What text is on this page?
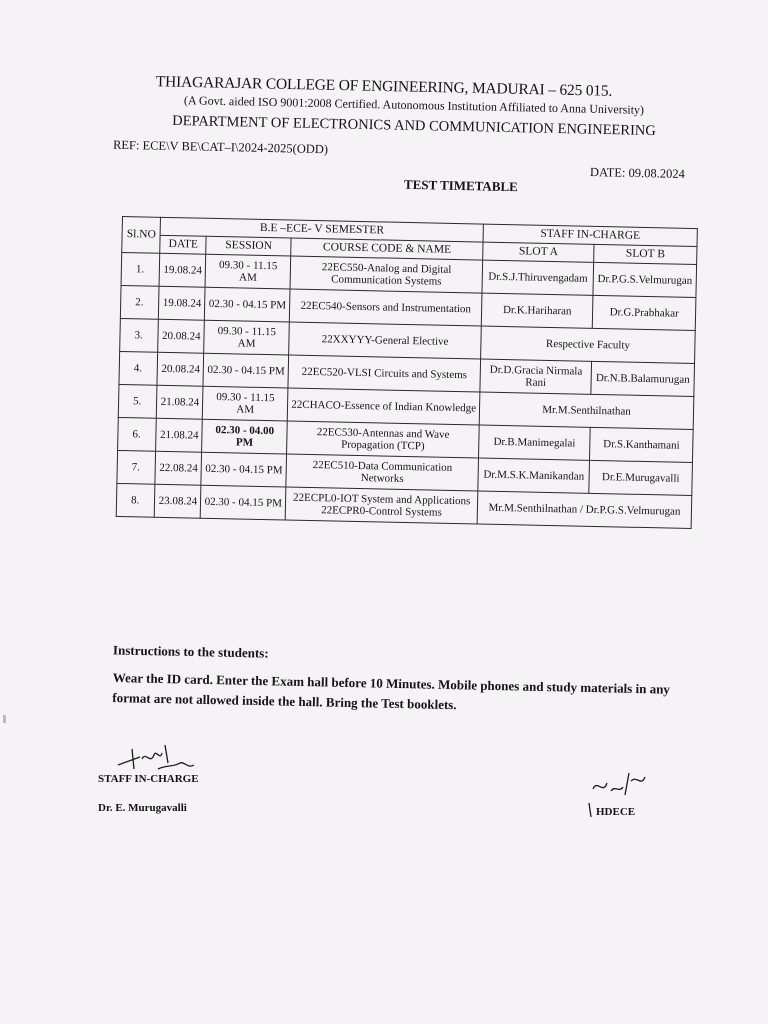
THIAGARAJAR COLLEGE OF ENGINEERING, MADURAI – 625 015.
(A Govt. aided ISO 9001:2008 Certified. Autonomous Institution Affiliated to Anna University)
DEPARTMENT OF ELECTRONICS AND COMMUNICATION ENGINEERING
REF: ECE\V BE\CAT–I\2024-2025(ODD)
DATE: 09.08.2024
TEST TIMETABLE
Sl.NO	B.E –ECE- V SEMESTER			STAFF IN-CHARGE	
	DATE	SESSION	COURSE CODE & NAME	SLOT A	SLOT B
1.	19.08.24	09.30 - 11.15 AM	22EC550-Analog and Digital Communication Systems	Dr.S.J.Thiruvengadam	Dr.P.G.S.Velmurugan
2.	19.08.24	02.30 - 04.15 PM	22EC540-Sensors and Instrumentation	Dr.K.Hariharan	Dr.G.Prabhakar
3.	20.08.24	09.30 - 11.15 AM	22XXYYY-General Elective	Respective Faculty	
4.	20.08.24	02.30 - 04.15 PM	22EC520-VLSI Circuits and Systems	Dr.D.Gracia Nirmala Rani	Dr.N.B.Balamurugan
5.	21.08.24	09.30 - 11.15 AM	22CHACO-Essence of Indian Knowledge	Mr.M.Senthilnathan	
6.	21.08.24	02.30 - 04.00 PM	22EC530-Antennas and Wave Propagation (TCP)	Dr.B.Manimegalai	Dr.S.Kanthamani
7.	22.08.24	02.30 - 04.15 PM	22EC510-Data Communication Networks	Dr.M.S.K.Manikandan	Dr.E.Murugavalli
8.	23.08.24	02.30 - 04.15 PM	22ECPL0-IOT System and Applications 22ECPR0-Control Systems	Mr.M.Senthilnathan / Dr.P.G.S.Velmurugan	
Instructions to the students:
Wear the ID card. Enter the Exam hall before 10 Minutes. Mobile phones and study materials in any format are not allowed inside the hall. Bring the Test booklets.
STAFF IN-CHARGE
Dr. E. Murugavalli	HDECE
